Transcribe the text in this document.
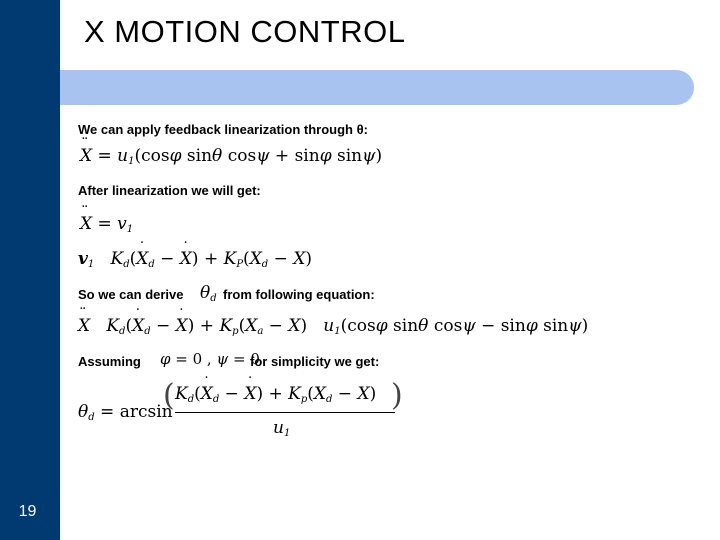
19
X MOTION CONTROL
We can apply feedback linearization through θ:
¨ $X = u_1(\cos\varphi$ sinθ cosψ + sinφ sinψ)
After linearization we will get:
¨ $X = v_1$
$v_1$ $K_d(˙$ $X_d$ − ˙ $X) + K_P(X_d - X)$
So we can derive $\theta_d$ from following equation:
¨ X $K_d(˙$ $X_d$ − ˙ $X) + K_p(X_a - X)$   $u_1(\cos\varphi$ sinθ cosψ − sinφ sinψ)
Assuming φ = 0 , ψ = 0
for simplicity we get:
$\theta_d = \arcsin$
( $K_d(˙$ $X_d$ − ˙ $X) + K_p(X_d - X)$
$u_1$
)
